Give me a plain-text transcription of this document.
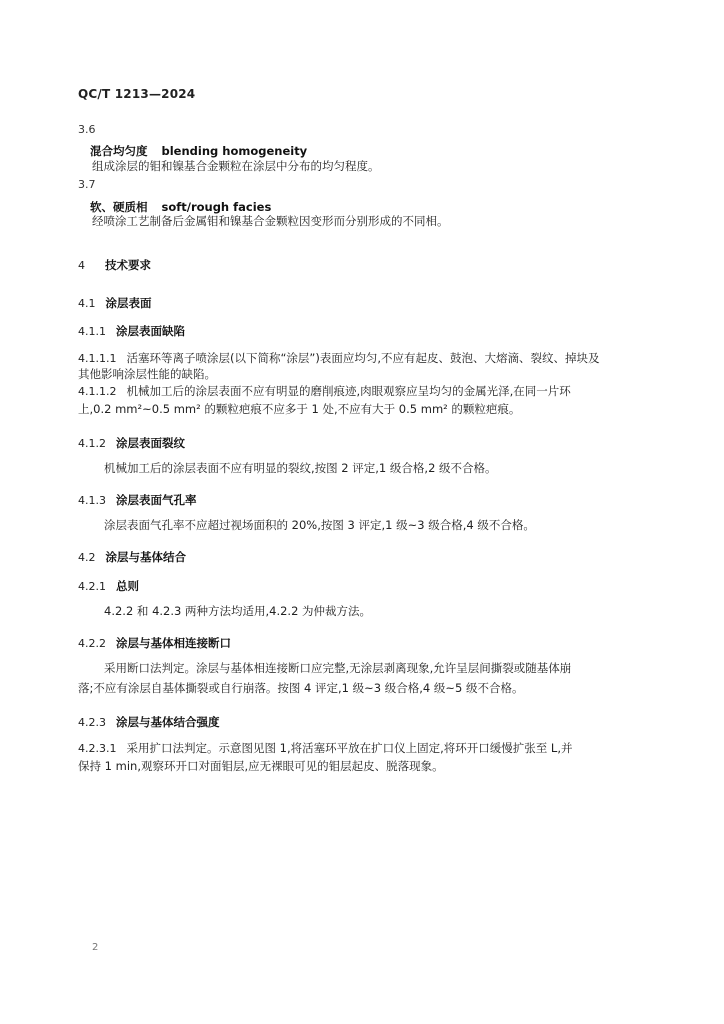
QC/T 1213—2024
3.6
混合均匀度 blending homogeneity
组成涂层的钼和镍基合金颗粒在涂层中分布的均匀程度。
3.7
软、硬质相 soft/rough facies
经喷涂工艺制备后金属钼和镍基合金颗粒因变形而分别形成的不同相。
4 技术要求
4.1 涂层表面
4.1.1 涂层表面缺陷
4.1.1.1 活塞环等离子喷涂层(以下简称“涂层”)表面应均匀,不应有起皮、鼓泡、大熔滴、裂纹、掉块及
其他影响涂层性能的缺陷。
4.1.1.2 机械加工后的涂层表面不应有明显的磨削痕迹,肉眼观察应呈均匀的金属光泽,在同一片环
上,0.2 mm²~0.5 mm² 的颗粒疤痕不应多于 1 处,不应有大于 0.5 mm² 的颗粒疤痕。
4.1.2 涂层表面裂纹
机械加工后的涂层表面不应有明显的裂纹,按图 2 评定,1 级合格,2 级不合格。
4.1.3 涂层表面气孔率
涂层表面气孔率不应超过视场面积的 20%,按图 3 评定,1 级~3 级合格,4 级不合格。
4.2 涂层与基体结合
4.2.1 总则
4.2.2 和 4.2.3 两种方法均适用,4.2.2 为仲裁方法。
4.2.2 涂层与基体相连接断口
采用断口法判定。涂层与基体相连接断口应完整,无涂层剥离现象,允许呈层间撕裂或随基体崩
落;不应有涂层自基体撕裂或自行崩落。按图 4 评定,1 级~3 级合格,4 级~5 级不合格。
4.2.3 涂层与基体结合强度
4.2.3.1 采用扩口法判定。示意图见图 1,将活塞环平放在扩口仪上固定,将环开口缓慢扩张至 L,并
保持 1 min,观察环开口对面钼层,应无裸眼可见的钼层起皮、脱落现象。
2
